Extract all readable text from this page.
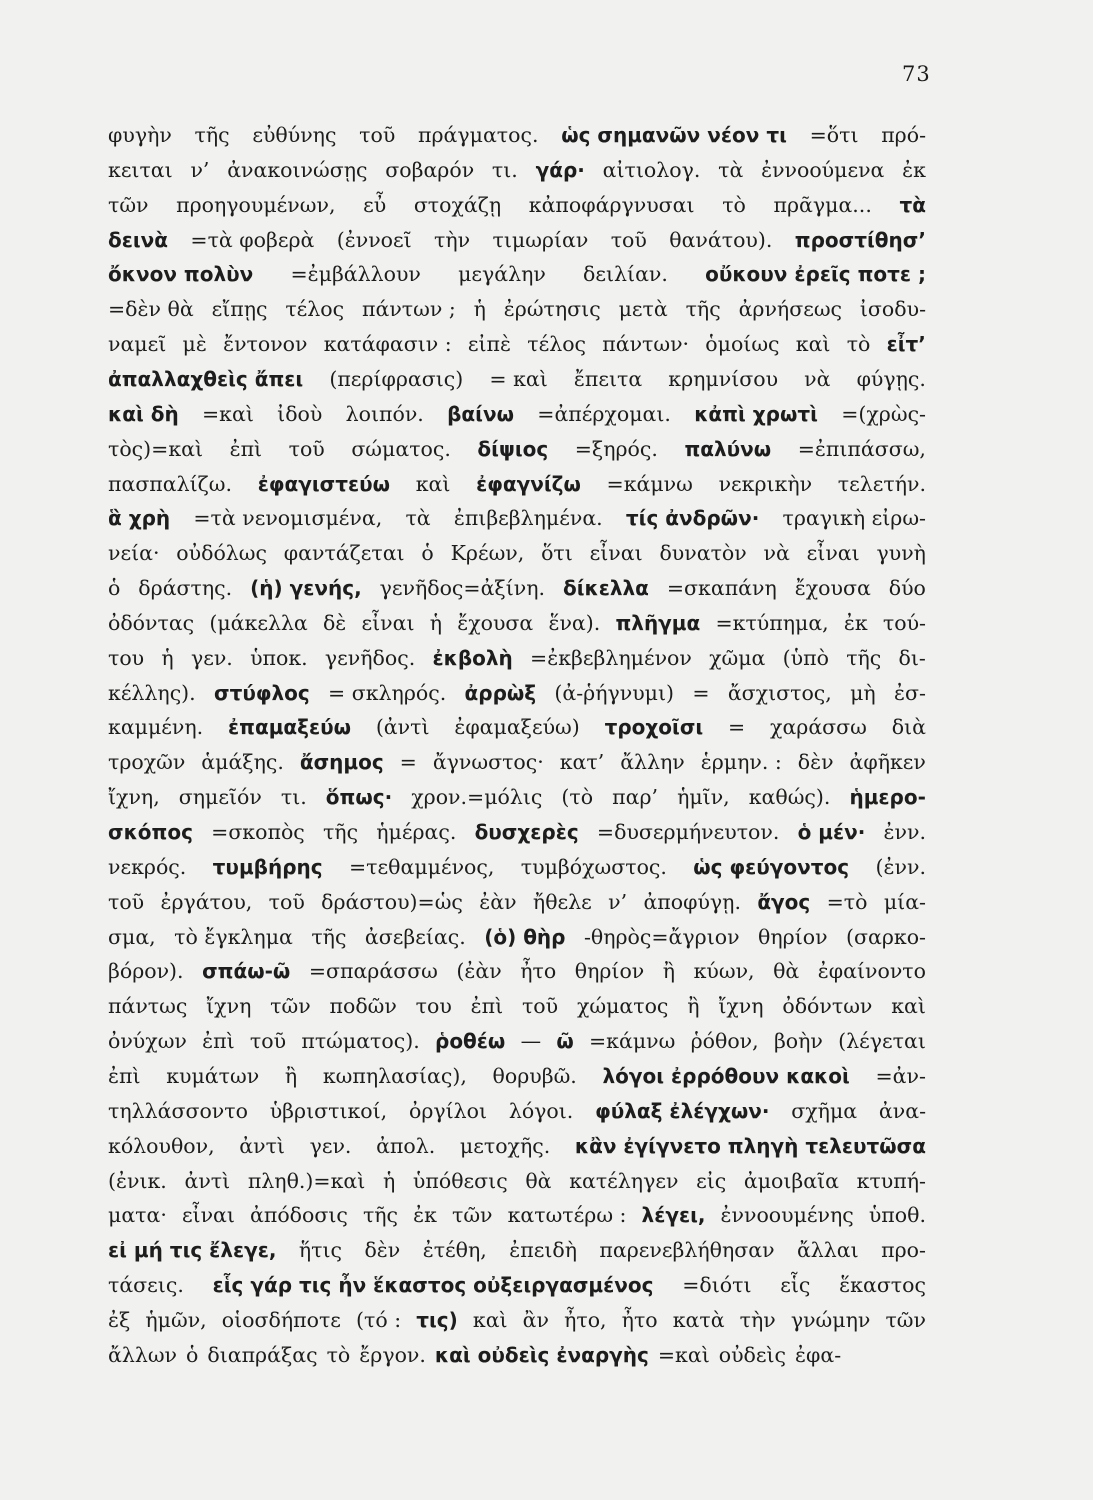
73
φυγὴν τῆς εὐθύνης τοῦ πράγματος. ὡς σημανῶν νέον τι =ὅτι πρό-
κειται ν’ ἀνακοινώσῃς σοβαρόν τι. γάρ· αἰτιολογ. τὰ ἐννοούμενα ἐκ
τῶν προηγουμένων, εὖ στοχάζῃ κἀποφάργνυσαι τὸ πρᾶγμα... τὰ
δεινὰ =τὰ φοβερὰ (ἐννοεῖ τὴν τιμωρίαν τοῦ θανάτου). προστίθησ’
ὄκνον πολὺν =ἐμβάλλουν μεγάλην δειλίαν. οὔκουν ἐρεῖς ποτε ;
=δὲν θὰ εἴπῃς τέλος πάντων ; ἡ ἐρώτησις μετὰ τῆς ἀρνήσεως ἰσοδυ-
ναμεῖ μὲ ἔντονον κατάφασιν : εἰπὲ τέλος πάντων· ὁμοίως καὶ τὸ εἶτ’
ἀπαλλαχθεὶς ἄπει (περίφρασις) = καὶ ἔπειτα κρημνίσου νὰ φύγῃς.
καὶ δὴ =καὶ ἰδοὺ λοιπόν. βαίνω =ἀπέρχομαι. κἀπὶ χρωτὶ =(χρὼς-
τὸς)=καὶ ἐπὶ τοῦ σώματος. δίψιος =ξηρός. παλύνω =ἐπιπάσσω,
πασπαλίζω. ἐφαγιστεύω καὶ ἐφαγνίζω =κάμνω νεκρικὴν τελετήν.
ἃ χρὴ =τὰ νενομισμένα, τὰ ἐπιβεβλημένα. τίς ἀνδρῶν· τραγικὴ εἰρω-
νεία· οὐδόλως φαντάζεται ὁ Κρέων, ὅτι εἶναι δυνατὸν νὰ εἶναι γυνὴ
ὁ δράστης. (ἡ) γενής, γενῆδος=ἀξίνη. δίκελλα =σκαπάνη ἔχουσα δύο
ὀδόντας (μάκελλα δὲ εἶναι ἡ ἔχουσα ἕνα). πλῆγμα =κτύπημα, ἐκ τού-
του ἡ γεν. ὑποκ. γενῆδος. ἐκβολὴ =ἐκβεβλημένον χῶμα (ὑπὸ τῆς δι-
κέλλης). στύφλος = σκληρός. ἀρρὼξ (ἀ-ῥήγνυμι) = ἄσχιστος, μὴ ἐσ-
καμμένη. ἐπαμαξεύω (ἀντὶ ἐφαμαξεύω) τροχοῖσι = χαράσσω διὰ
τροχῶν ἁμάξης. ἄσημος = ἄγνωστος· κατ’ ἄλλην ἑρμην. : δὲν ἀφῆκεν
ἴχνη, σημεῖόν τι. ὅπως· χρον.=μόλις (τὸ παρ’ ἡμῖν, καθώς). ἡμερο-
σκόπος =σκοπὸς τῆς ἡμέρας. δυσχερὲς =δυσερμήνευτον. ὁ μέν· ἐνν.
νεκρός. τυμβήρης =τεθαμμένος, τυμβόχωστος. ὡς φεύγοντος (ἐνν.
τοῦ ἐργάτου, τοῦ δράστου)=ὡς ἐὰν ἤθελε ν’ ἀποφύγῃ. ἄγος =τὸ μία-
σμα, τὸ ἔγκλημα τῆς ἀσεβείας. (ὁ) θὴρ -θηρὸς=ἄγριον θηρίον (σαρκο-
βόρον). σπάω-ῶ =σπαράσσω (ἐὰν ἦτο θηρίον ἢ κύων, θὰ ἐφαίνοντο
πάντως ἴχνη τῶν ποδῶν του ἐπὶ τοῦ χώματος ἢ ἴχνη ὀδόντων καὶ
ὀνύχων ἐπὶ τοῦ πτώματος). ῥοθέω — ῶ =κάμνω ῥόθον, βοὴν (λέγεται
ἐπὶ κυμάτων ἢ κωπηλασίας), θορυβῶ. λόγοι ἐρρόθουν κακοὶ =ἀν-
τηλλάσσοντο ὑβριστικοί, ὀργίλοι λόγοι. φύλαξ ἐλέγχων· σχῆμα ἀνα-
κόλουθον, ἀντὶ γεν. ἀπολ. μετοχῆς. κἂν ἐγίγνετο πληγὴ τελευτῶσα
(ἐνικ. ἀντὶ πληθ.)=καὶ ἡ ὑπόθεσις θὰ κατέληγεν εἰς ἀμοιβαῖα κτυπή-
ματα· εἶναι ἀπόδοσις τῆς ἐκ τῶν κατωτέρω : λέγει, ἐννοουμένης ὑποθ.
εἰ μή τις ἔλεγε, ἥτις δὲν ἐτέθη, ἐπειδὴ παρενεβλήθησαν ἄλλαι προ-
τάσεις. εἷς γάρ τις ἦν ἕκαστος οὐξειργασμένος =διότι εἷς ἕκαστος
ἐξ ἡμῶν, οἱοσδήποτε (τό : τις) καὶ ἂν ἦτο, ἦτο κατὰ τὴν γνώμην τῶν
ἄλλων ὁ διαπράξας τὸ ἔργον. καὶ οὐδεὶς ἐναργὴς =καὶ οὐδεὶς ἐφα-
